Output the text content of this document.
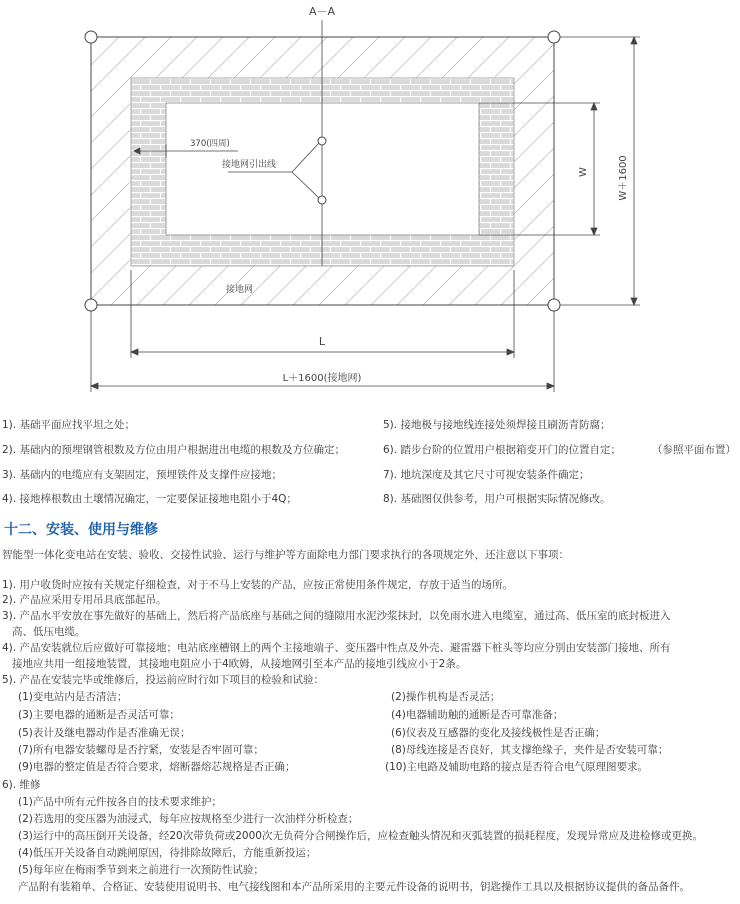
A－A
370(四周)
接地网引出线
接地网
W	W＋1600
L
L＋1600(接地网)
1). 基础平面应找平坦之处；	5). 接地极与接地线连接处须焊接且刷沥青防腐；
2). 基础内的预埋钢管根数及方位由用户根据进出电缆的根数及方位确定；	6). 踏步台阶的位置用户根据箱变开门的位置自定；	（参照平面布置）
3). 基础内的电缆应有支架固定，预埋铁件及支撑件应接地；	7). 地坑深度及其它尺寸可视安装条件确定；
4). 接地棒根数由土壤情况确定，一定要保证接地电阻小于4Q；	8). 基础图仅供参考，用户可根据实际情况修改。
十二、安装、使用与维修
智能型一体化变电站在安装、验收、交接性试验、运行与维护等方面除电力部门要求执行的各项规定外，还注意以下事项：
1). 用户收货时应按有关规定仔细检查，对于不马上安装的产品，应按正常使用条件规定，存放于适当的场所。
2). 产品应采用专用吊具底部起吊。
3). 产品水平安放在事先做好的基础上，然后将产品底座与基础之间的缝隙用水泥沙浆抹封，以免雨水进入电缆室，通过高、低压室的底封板进入
高、低压电缆。
4). 产品安装就位后应做好可靠接地；电站底座槽钢上的两个主接地端子、变压器中性点及外壳、避雷器下桩头等均应分别由安装部门接地、所有
接地应共用一组接地装置，其接地电阻应小于4欧姆，从接地网引至本产品的接地引线应小于2条。
5). 产品在安装完毕或维修后，投运前应时行如下项目的检验和试验：
(1)变电站内是否清洁；	(2)操作机构是否灵活；
(3)主要电器的通断是否灵活可靠；	(4)电器辅助触的通断是否可靠准备；
(5)表计及继电器动作是否准确无误；	(6)仪表及互感器的变化及接线极性是否正确；
(7)所有电器安装螺母是否拧紧，安装是否牢固可靠；	(8)母线连接是否良好，其支撑绝缘子，夹件是否安装可靠；
(9)电器的整定值是否符合要求，熔断器熔芯规格是否正确；	(10)主电路及辅助电路的接点是否符合电气原理图要求。
6). 维修
(1)产品中所有元件按各自的技术要求维护；
(2)若选用的变压器为油浸式，每年应按规格至少进行一次油样分析检查；
(3)运行中的高压倒开关设备，经20次带负荷或2000次无负荷分合闸操作后，应检查触头情况和灭弧装置的损耗程度，发现异常应及进检修或更换。
(4)低压开关设备自动跳闸原因，待排除故障后，方能重新投运；
(5)每年应在梅雨季节到来之前进行一次预防性试验；
产品附有装箱单、合格证、安装使用说明书、电气接线图和本产品所采用的主要元件设备的说明书，钥匙操作工具以及根据协议提供的备品备件。
